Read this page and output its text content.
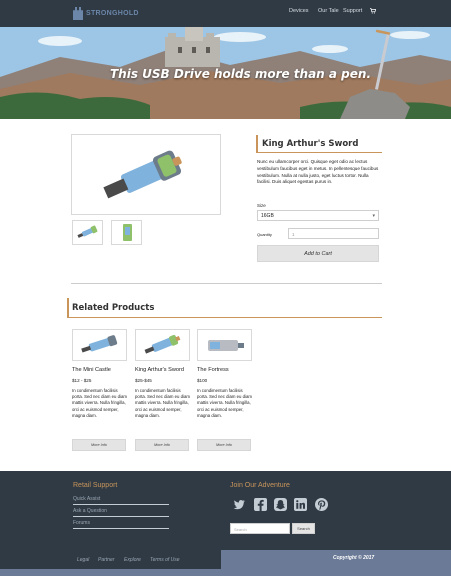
STRONGHOLD	Devices Our Tale Support
This USB Drive holds more than a pen.
King Arthur's Sword

Nunc eu ullamcorper orci. Quisque eget odio ac lectus vestibulum faucibus eget in metus. In pellentesque faucibus vestibulum. Nulla at nulla justo, eget luctus tortor. Nulla facilisi. Duis aliquet egestas purus in.

Size
16GB	▾
Quantity	1
Add to Cart
Related Products
The Mini Castle
$12 - $25
In condimentum facilisis porta. Sed nec diam eu diam mattis viverra. Nulla fringilla, orci ac euismod semper, magna diam.
More Info
King Arthur's Sword
$25-$45
In condimentum facilisis porta. Sed nec diam eu diam mattis viverra. Nulla fringilla, orci ac euismod semper, magna diam.
More Info
The Fortress
$100
In condimentum facilisis porta. Sed nec diam eu diam mattis viverra. Nulla fringilla, orci ac euismod semper, magna diam.
More Info
Retail Support
Quick Assist
Ask a Question
Forums
Join Our Adventure
Search	Search
Legal Partner Explore Terms of Use	Copyright © 2017
